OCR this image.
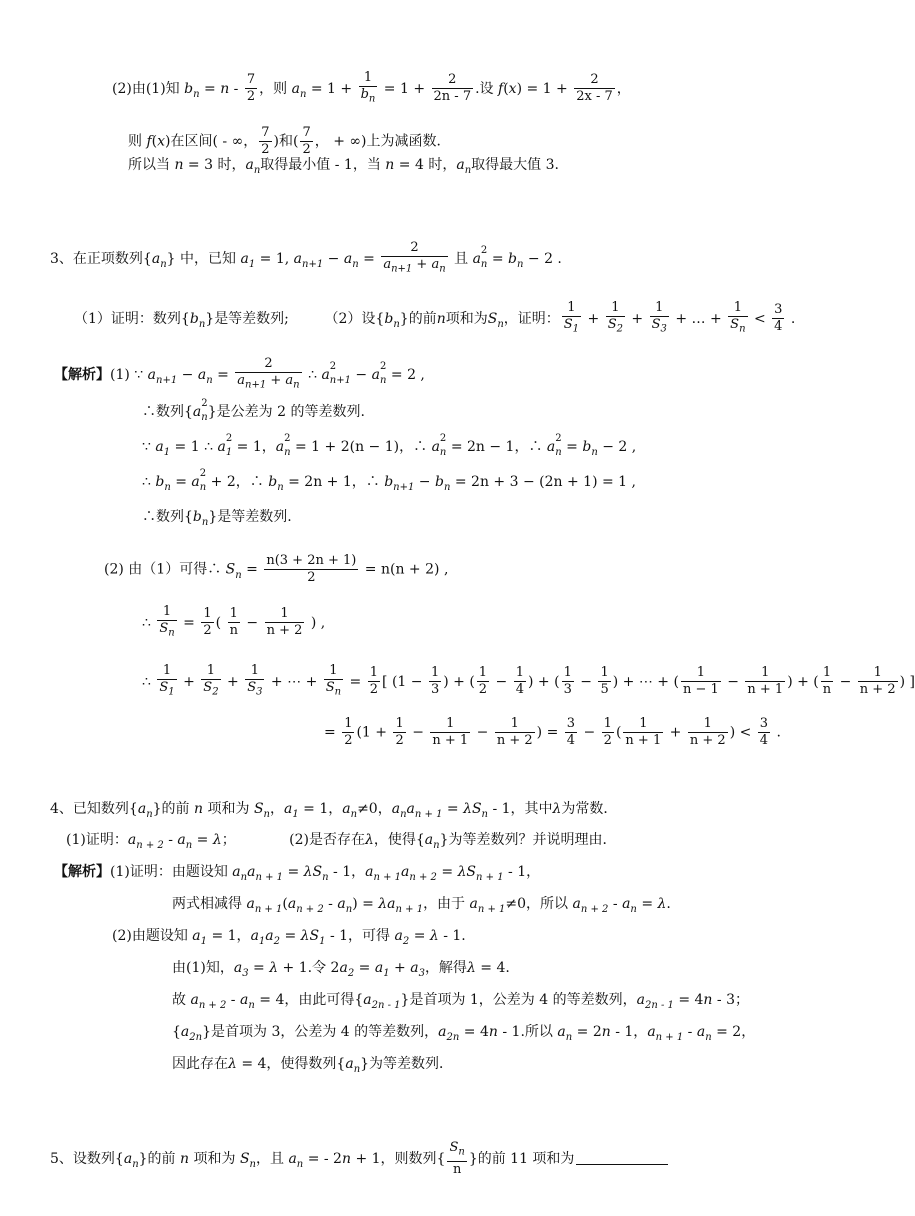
(2)由(1)知 $b_n = n - \frac{7}{2}$ ，则 $a_n = 1 + \frac{1}{b_n} = 1 + \frac{2}{2n - 7}$ .设 $f(x) = 1 + \frac{2}{2x - 7}$ ，
则 f(x)在区间( - ∞， $\frac{7}{2}$ )和( $\frac{7}{2}$ ， + ∞)上为减函数．
所以当 n = 3 时，$a_n$取得最小值 - 1，当 n = 4 时，$a_n$取得最大值 3.
3、在正项数列$\{a_n\}$ 中，已知 $a_1 = 1$, $a_{n+1} - a_n = \frac{2}{a_{n+1} + a_n}$ 且 a
2
$_n = b_n - 2$ .
（1）证明：数列$\{b_n\}$是等差数列;        （2）设$\{b_n\}$的前n项和为$S_n$，证明： $\frac{1}{S_1} + \frac{1}{S_2} + \frac{1}{S_3}$ + … + $\frac{1}{S_n} < \frac{3}{4}$ .
【解析】(1) ∵ $a_{n+1} - a_n = \frac{2}{a_{n+1} + a_n}$ ∴ a
2
$_{n+1}$ − a
2
$_n$ = 2 ,
∴数列{a
2
$_n$}是公差为 2 的等差数列.
∵ $a_1 = 1$ ∴ a
2
$_1$ = 1，a
2
$_n$ = 1 + 2(n − 1)，∴ a
2
$_n$ = 2n − 1，∴ a
2
$_n = b_n - 2$ ,
∴ $b_n = a$
2
$_n$ + 2，∴ $b_n = 2n + 1$，∴ $b_{n+1} - b_n = 2n + 3 - (2n + 1) = 1$ ,
∴数列$\{b_n\}$是等差数列.
(2) 由（1）可得∴ $S_n = \frac{n(3 + 2n + 1)}{2} = n(n + 2)$ ,
∴ $\frac{1}{S_n} = \frac{1}{2}$ ( $\frac{1}{n} - \frac{1}{n + 2}$ ) ,
∴ $\frac{1}{S_1} + \frac{1}{S_2} + \frac{1}{S_3}$ + ⋯ + $\frac{1}{S_n} = \frac{1}{2}$ [ ($1 - \frac{1}{3}$ ) + ( $\frac{1}{2} - \frac{1}{4}$ ) + ( $\frac{1}{3} - \frac{1}{5}$ ) + ⋯ + ( $\frac{1}{n - 1} - \frac{1}{n + 1}$ ) + ( $\frac{1}{n} - \frac{1}{n + 2}$ ) ]
= $\frac{1}{2} (1 + \frac{1}{2} - \frac{1}{n + 1} - \frac{1}{n + 2}$ ) = $\frac{3}{4} - \frac{1}{2}$ ( $\frac{1}{n + 1} + \frac{1}{n + 2}$ ) < $\frac{3}{4}$ .
4、已知数列$\{a_n\}$的前 n 项和为 $S_n$，$a_1 = 1$，$a_n\ne 0$，$a_na_{n + 1} = \lambda S_n - 1$，其中λ为常数．
(1)证明：$a_{n + 2} - a_n = \lambda$；            (2)是否存在λ，使得$\{a_n\}$为等差数列？并说明理由．
【解析】(1)证明：由题设知 $a_na_{n + 1} = \lambda S_n - 1$，$a_{n + 1}a_{n + 2} = \lambda S_{n + 1} - 1$，
两式相减得 $a_{n + 1}(a_{n + 2} - a_n) = \lambda a_{n + 1}$，由于 $a_{n + 1}\ne 0$，所以 $a_{n + 2} - a_n = \lambda$.
(2)由题设知 $a_1 = 1$，$a_1a_2 = \lambda S_1 - 1$，可得 $a_2 = \lambda - 1$.
由(1)知，$a_3 = \lambda + 1$.令 $2a_2 = a_1 + a_3$，解得λ = 4.
故 $a_{n + 2} - a_n = 4$，由此可得$\{a_{2n - 1}\}$是首项为 1，公差为 4 的等差数列，$a_{2n - 1} = 4n - 3$；
$\{a_{2n}\}$是首项为 3，公差为 4 的等差数列，$a_{2n} = 4n - 1$.所以 $a_n = 2n - 1$，$a_{n + 1} - a_n = 2$，
因此存在λ = 4，使得数列$\{a_n\}$为等差数列．
5、设数列$\{a_n\}$的前 n 项和为 $S_n$，且 $a_n$ = - 2n + 1，则数列{ $\frac{S_n}{n}$ }的前 11 项和为
